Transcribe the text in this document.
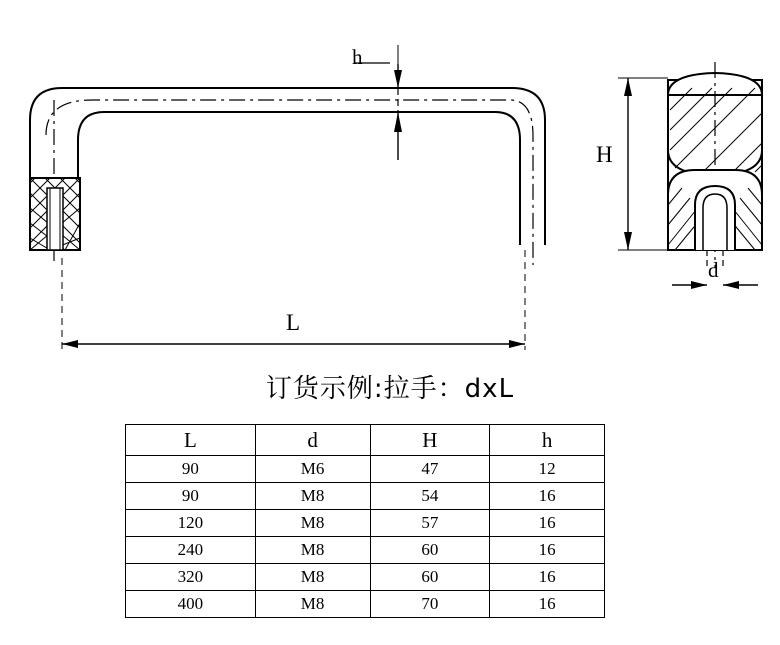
h
L
H
d
订货示例:拉手：dxL
L	d	H	h
90	M6	47	12
90	M8	54	16
120	M8	57	16
240	M8	60	16
320	M8	60	16
400	M8	70	16
